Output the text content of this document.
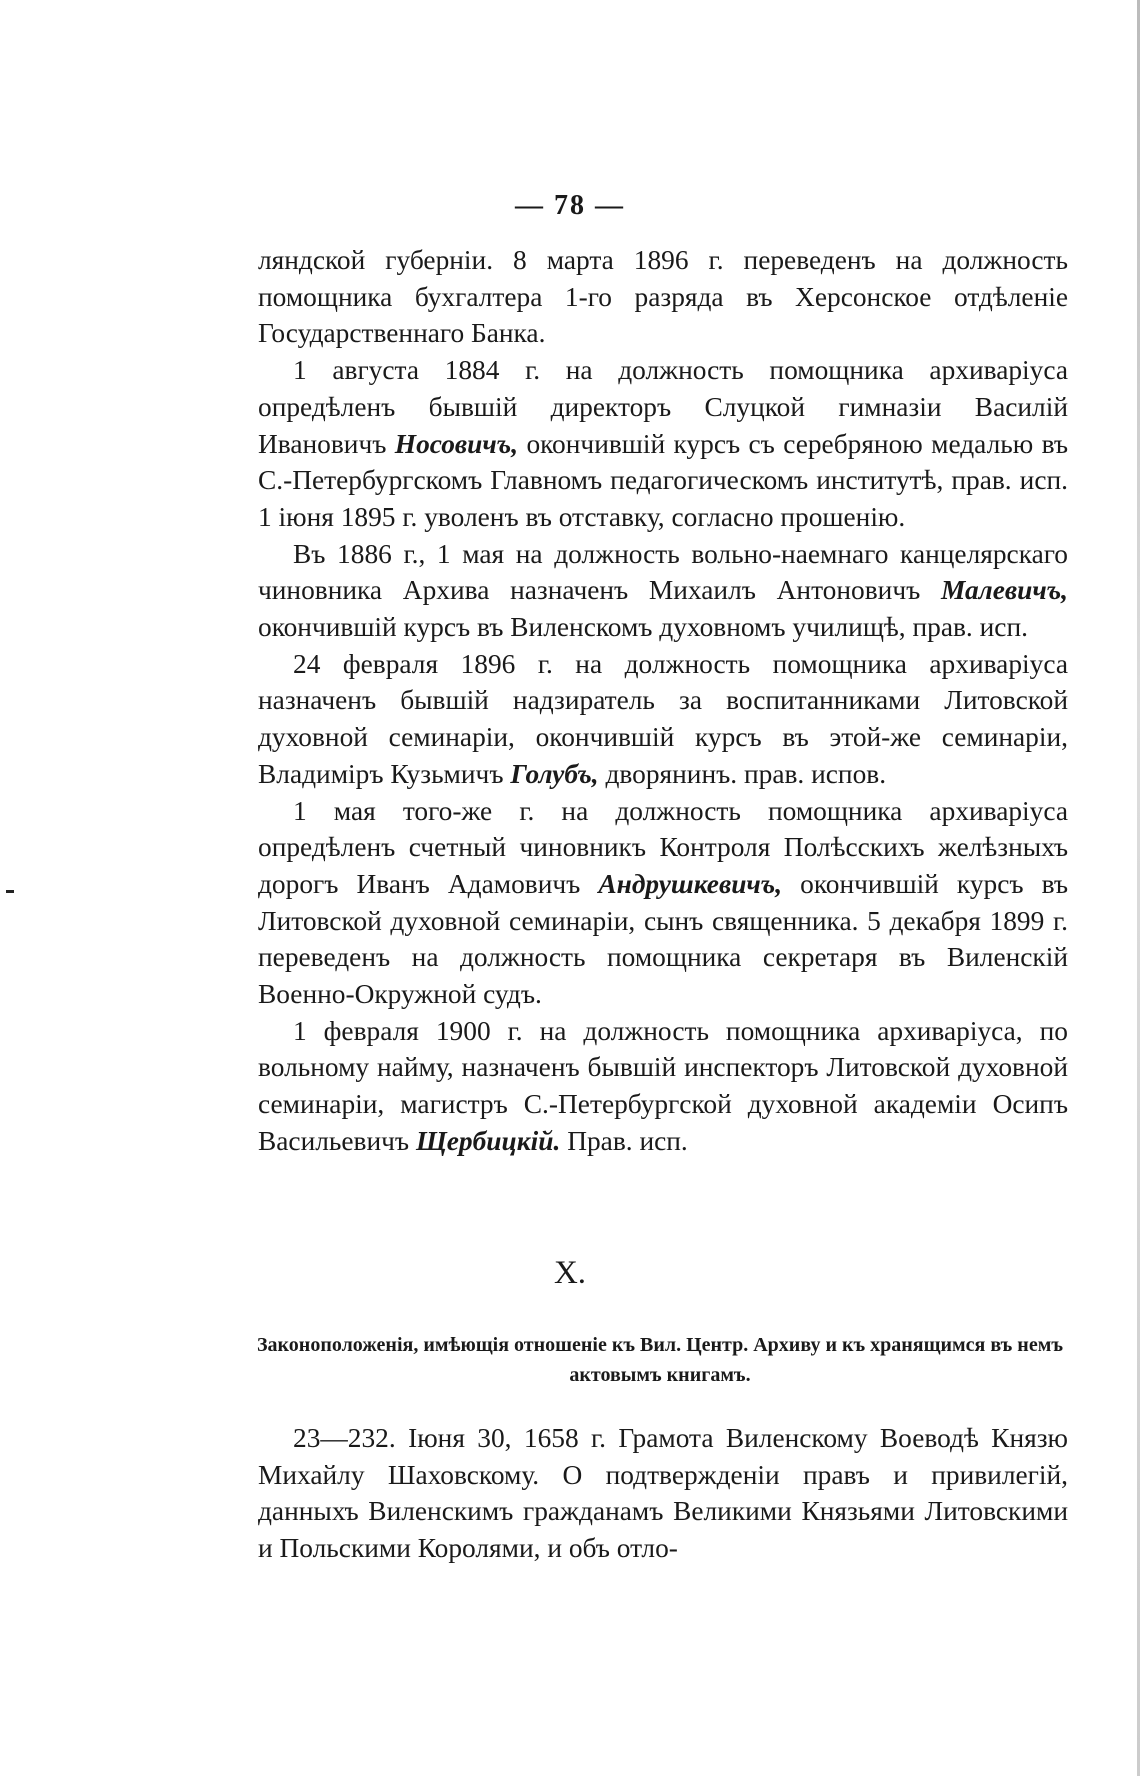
— 78 —

ляндской губерніи. 8 марта 1896 г. переведенъ на должность помощника бухгалтера 1-го разряда въ Херсонское отдѣленіе Государственнаго Банка.

1 августа 1884 г. на должность помощника архиваріуса опредѣленъ бывшій директоръ Слуцкой гимназіи Василій Ивановичъ Носовичъ, окончившій курсъ съ серебряною медалью въ С.-Петербургскомъ Главномъ педагогическомъ институтѣ, прав. исп. 1 іюня 1895 г. уволенъ въ отставку, согласно прошенію.

Въ 1886 г., 1 мая на должность вольно-наемнаго канцелярскаго чиновника Архива назначенъ Михаилъ Антоновичъ Малевичъ, окончившій курсъ въ Виленскомъ духовномъ училищѣ, прав. исп.

24 февраля 1896 г. на должность помощника архиваріуса назначенъ бывшій надзиратель за воспитанниками Литовской духовной семинаріи, окончившій курсъ въ этой-же семинаріи, Владиміръ Кузьмичъ Голубъ, дворянинъ. прав. испов.

1 мая того-же г. на должность помощника архиваріуса опредѣленъ счетный чиновникъ Контроля Полѣсскихъ желѣзныхъ дорогъ Иванъ Адамовичъ Андрушкевичъ, окончившій курсъ въ Литовской духовной семинаріи, сынъ священника. 5 декабря 1899 г. переведенъ на должность помощника секретаря въ Виленскій Военно-Окружной судъ.

1 февраля 1900 г. на должность помощника архиваріуса, по вольному найму, назначенъ бывшій инспекторъ Литовской духовной семинаріи, магистръ С.-Петербургской духовной академіи Осипъ Васильевичъ Щербицкій. Прав. исп.

X.
Законоположенія, имѣющія отношеніе къ Вил. Центр. Архиву и къ хранящимся въ немъ актовымъ книгамъ.

23—232. Іюня 30, 1658 г. Грамота Виленскому Воеводѣ Князю Михайлу Шаховскому. О подтвержденіи правъ и привилегій, данныхъ Виленскимъ гражданамъ Великими Князьями Литовскими и Польскими Королями, и объ отло-
